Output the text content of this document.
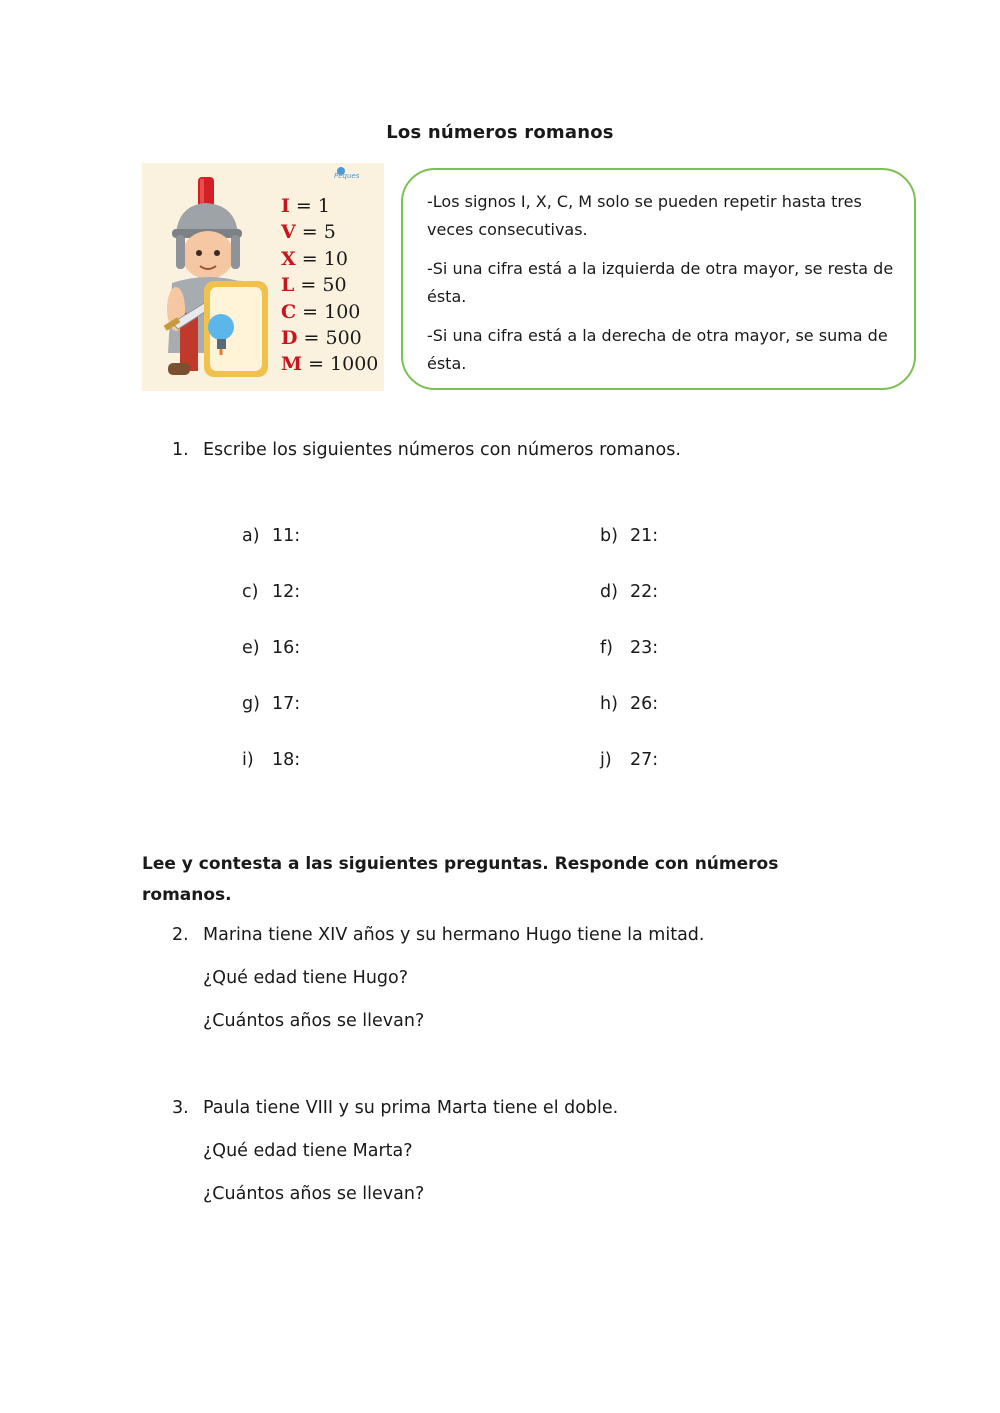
Los números romanos
Peques
I = 1
V = 5
X = 10
L = 50
C = 100
D = 500
M = 1000

-Los signos I, X, C, M solo se pueden repetir hasta tres veces consecutivas.

-Si una cifra está a la izquierda de otra mayor, se resta de ésta.

-Si una cifra está a la derecha de otra mayor, se suma de ésta.

1. Escribe los siguientes números con números romanos.
a) 11:	b) 21:
c) 12:	d) 22:
e) 16:	f) 23:
g) 17:	h) 26:
i) 18:	j) 27:
Lee y contesta a las siguientes preguntas. Responde con números romanos.
2. Marina tiene XIV años y su hermano Hugo tiene la mitad.
¿Qué edad tiene Hugo?
¿Cuántos años se llevan?
3. Paula tiene VIII y su prima Marta tiene el doble.
¿Qué edad tiene Marta?
¿Cuántos años se llevan?
